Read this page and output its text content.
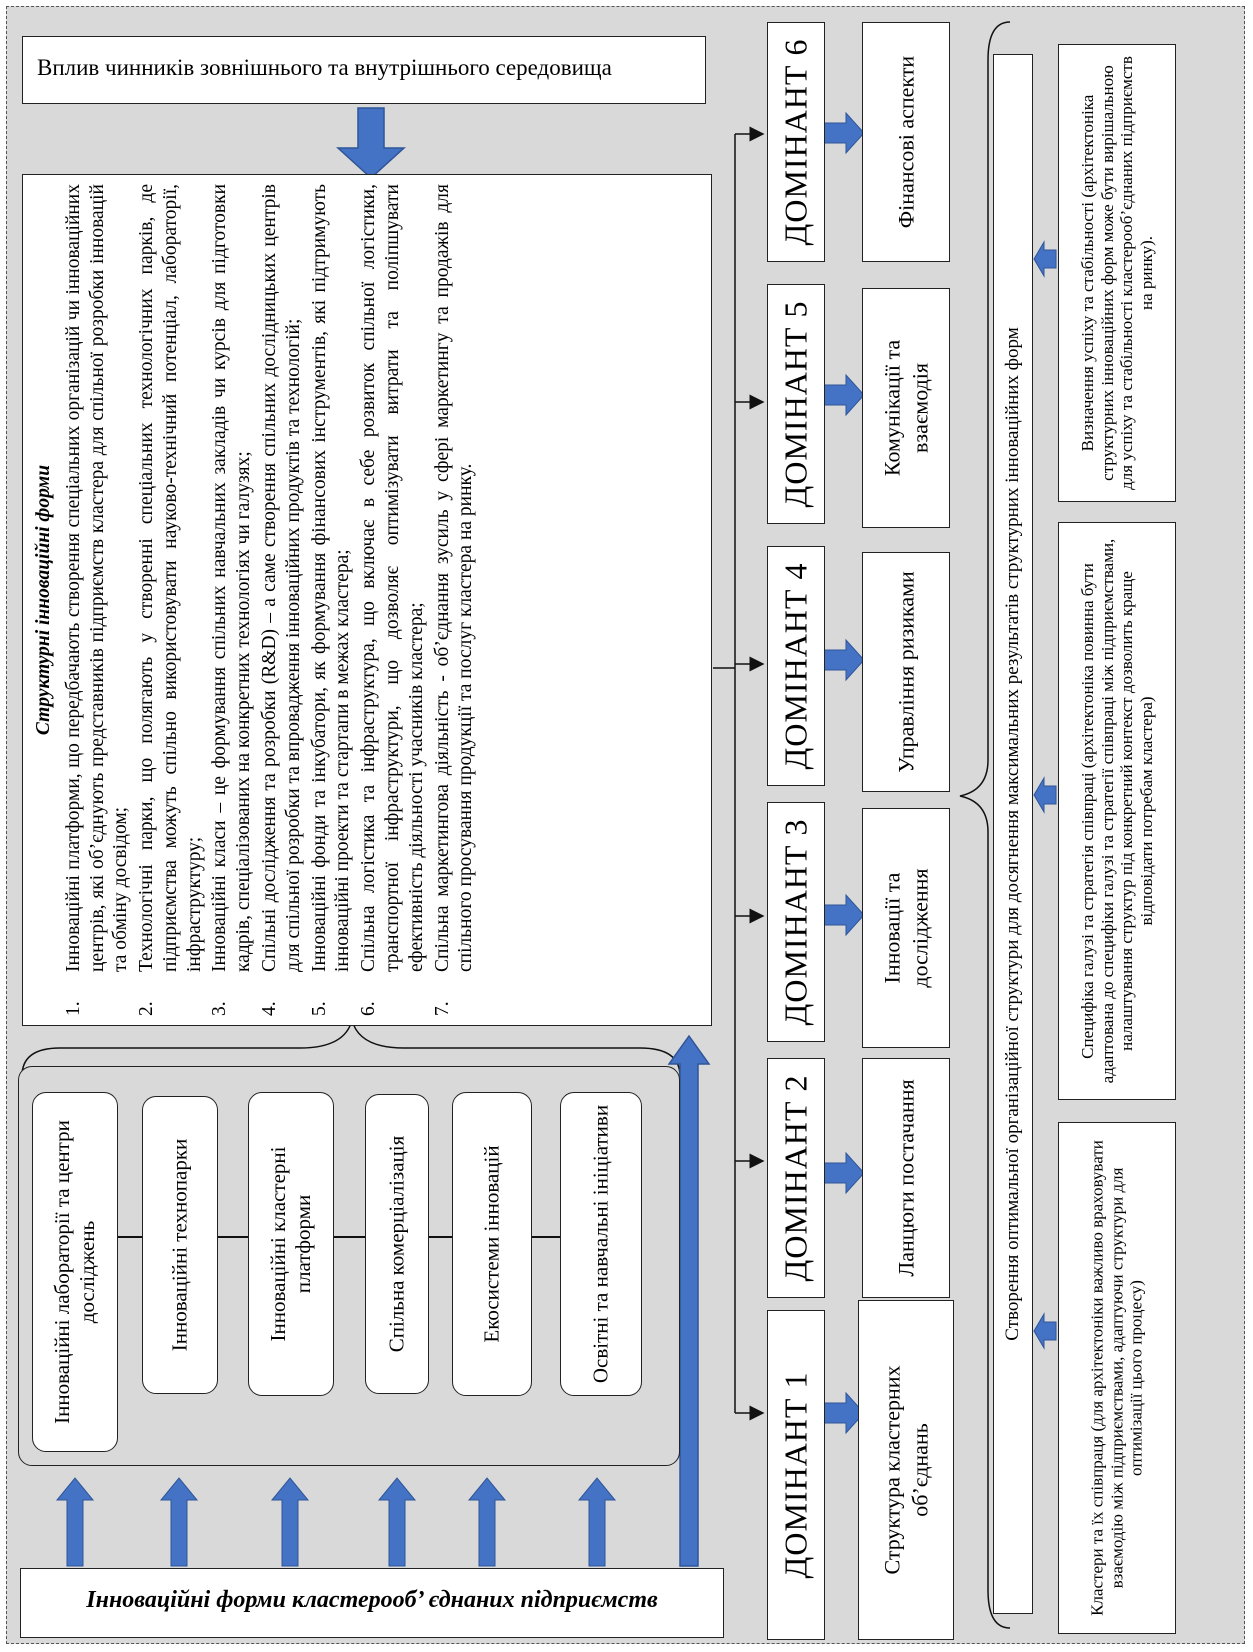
Вплив чинників зовнішнього та внутрішнього середовища
Структурні інноваційні форми
1.
Інноваційні платформи, що передбачають створення спеціальних організацій чи інноваційних центрів, які об’єднують представників підприємств кластера для спільної розробки інновацій та обміну досвідом;
2.
Технологічні парки, що полягають у створенні спеціальних технологічних парків, де підприємства можуть спільно використовувати науково-технічний потенціал, лабораторії, інфраструктуру;
3.
Інноваційні класи – це формування спільних навчальних закладів чи курсів для підготовки кадрів, спеціалізованих на конкретних технологіях чи галузях;
4.
Спільні дослідження та розробки (R&D) – а саме створення спільних дослідницьких центрів для спільної розробки та впровадження інноваційних продуктів та технологій;
5.
Інноваційні фонди та інкубатори, як формування фінансових інструментів, які підтримують інноваційні проекти та стартапи в межах кластера;
6.
Спільна логістика та інфраструктура, що включає в себе розвиток спільної логістики, транспортної інфраструктури, що дозволяє оптимізувати витрати та поліпшувати ефективність діяльності учасників кластера;
7.
Спільна маркетингова діяльність - об’єднання зусиль у сфері маркетингу та продажів для спільного просування продукції та послуг кластера на ринку.
Інноваційні лабораторії та центри досліджень	Інноваційні технопарки	Інноваційні кластерні платформи	Спільна комерціалізація	Екосистеми інновацій	Освітні та навчальні ініціативи
Інноваційні форми кластерооб’ єднаних підприємств
ДОМІНАНТ 6
ДОМІНАНТ 5
ДОМІНАНТ 4
ДОМІНАНТ 3
ДОМІНАНТ 2
ДОМІНАНТ 1
Фінансові аспекти
Комунікації та взаємодія
Управління ризиками
Інновації та дослідження
Ланцюги постачання
Структура кластерних об’єднань
Створення оптимальної організаційної структури для досягнення максимальних результатів структурних інноваційних форм
Визначення успіху та стабільності (архітектоніка структурних інноваційних форм може бути вирішальною для успіху та стабільності кластерооб’єднаних підприємств на ринку).
Специфіка галузі та стратегія співпраці (архітектоніка повинна бути адаптована до специфіки галузі та стратегії співпраці між підприємствами, налаштування структур під конкретний контекст дозволить краще відповідати потребам кластера)
Кластери та їх співпраця (для архітектоніки важливо враховувати взаємодію між підприємствами, адаптуючи структури для оптимізації цього процесу)
